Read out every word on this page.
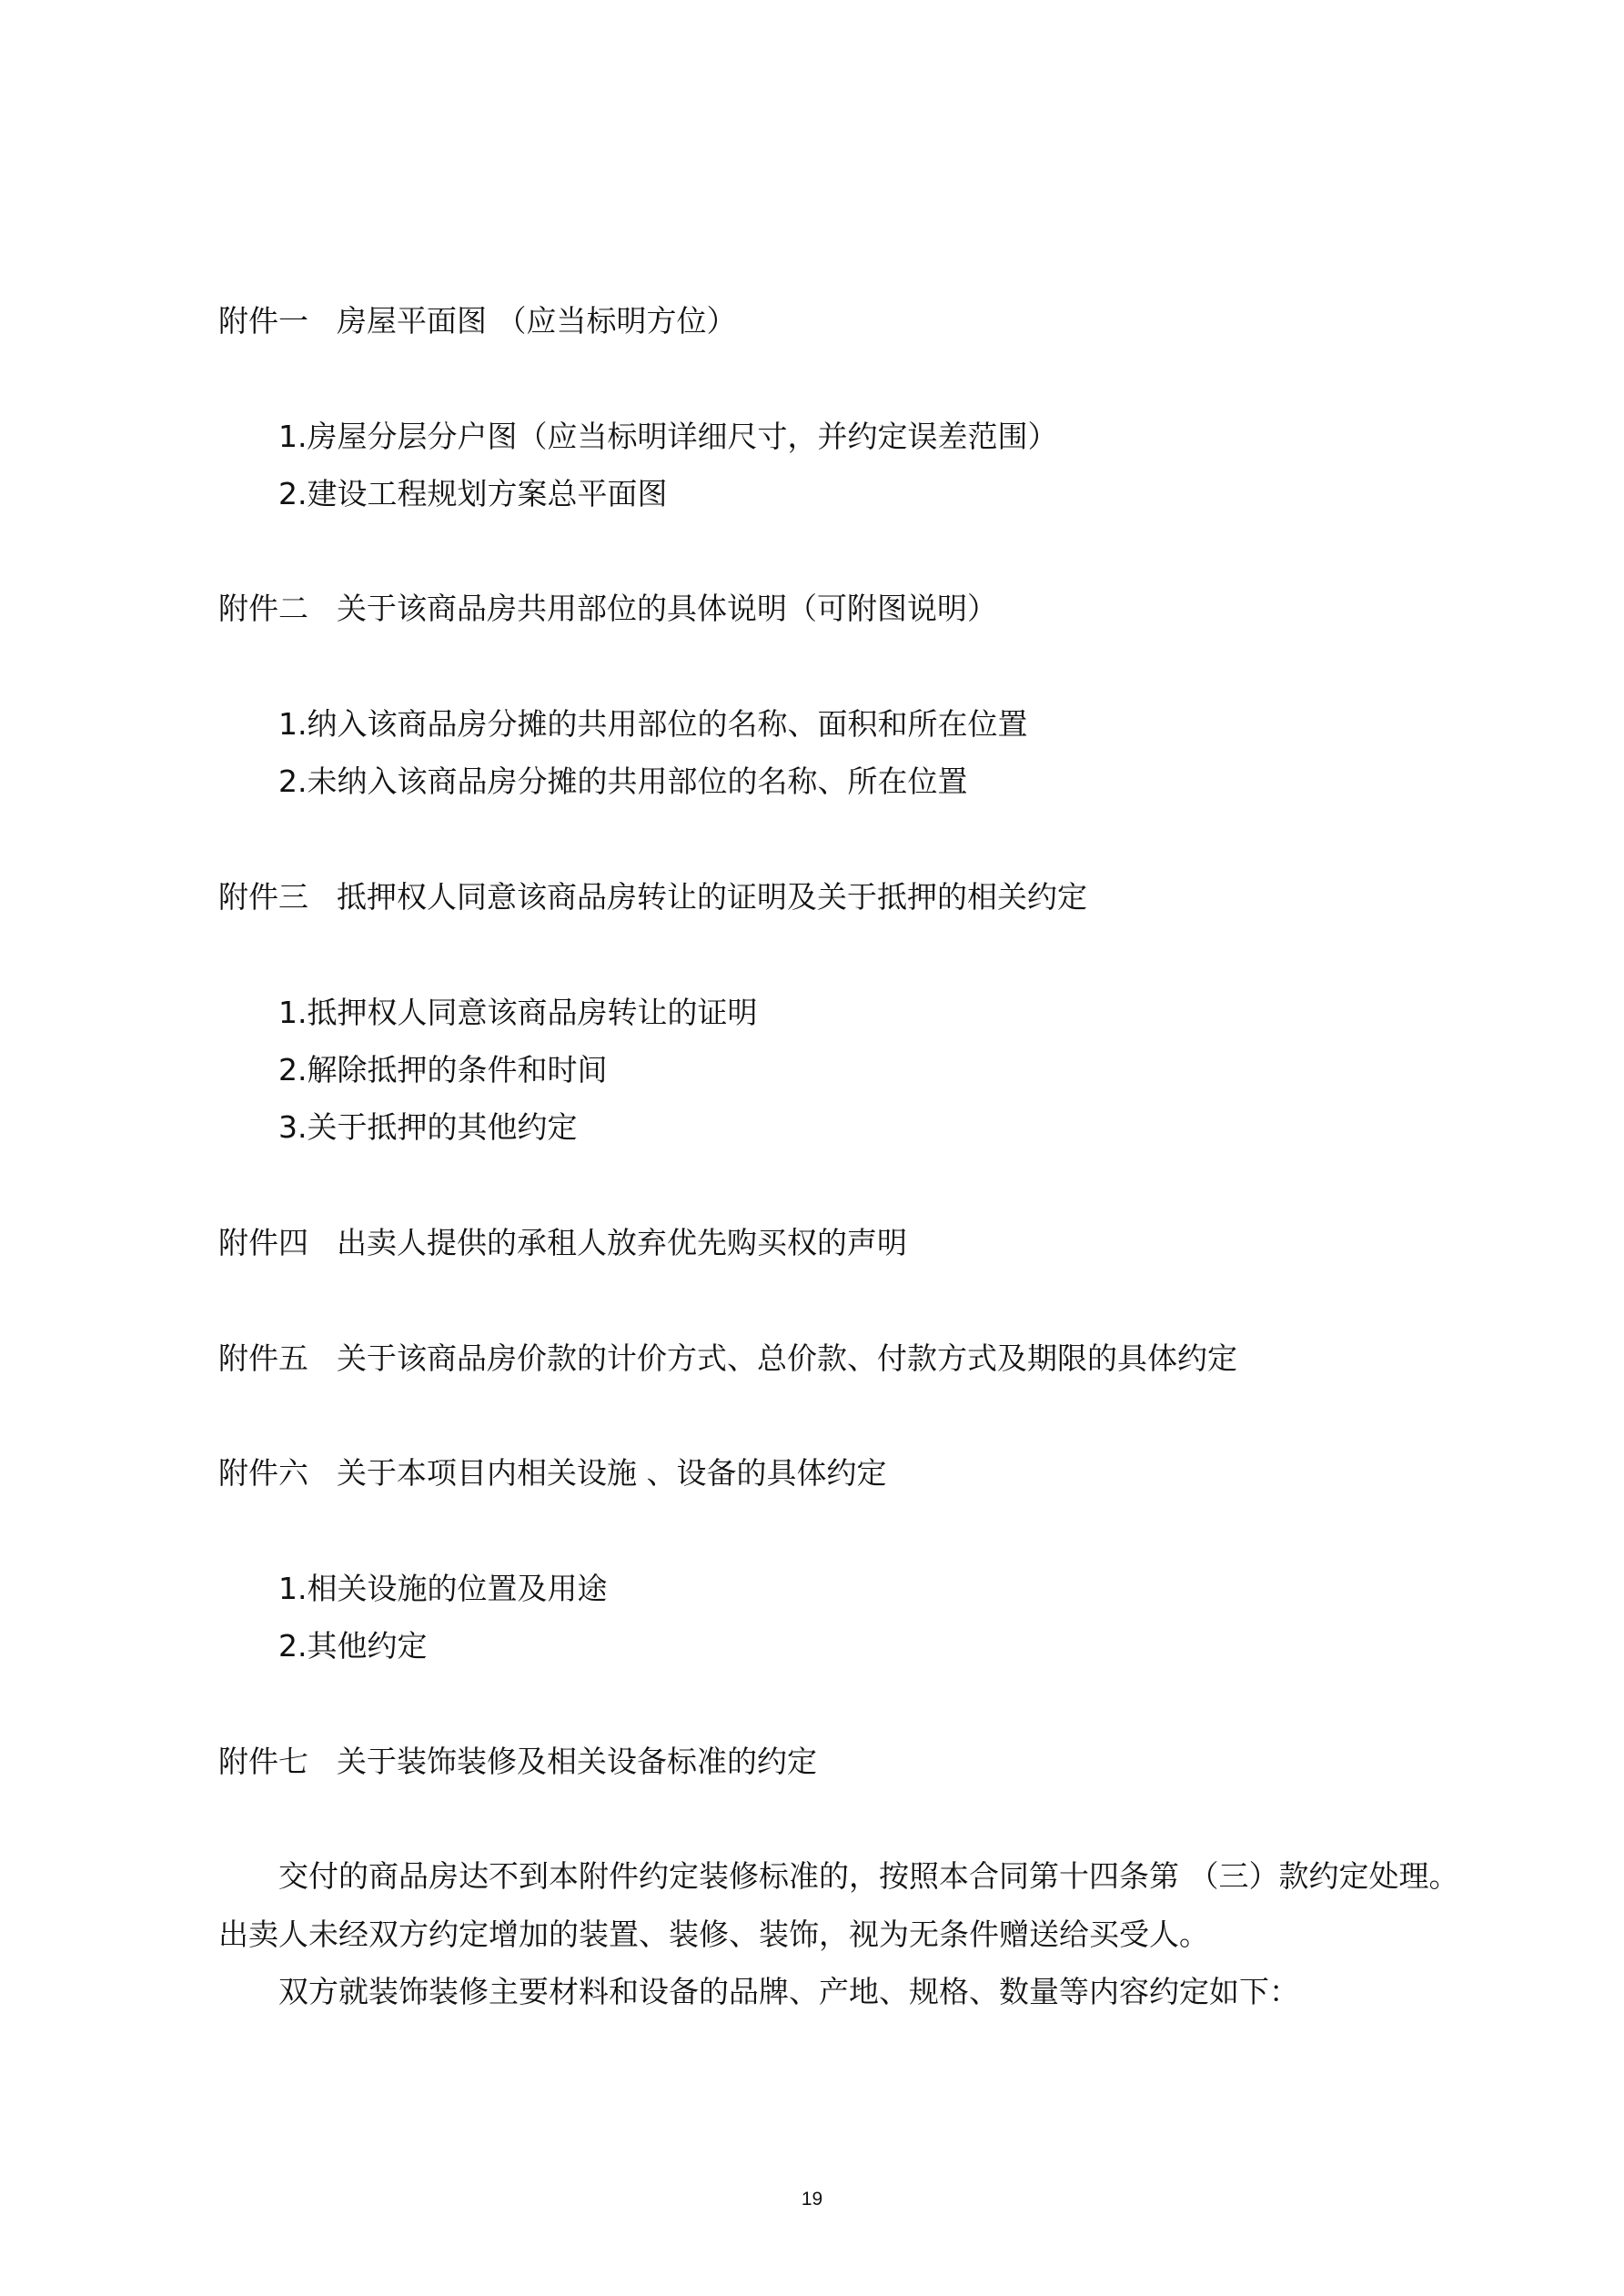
附件一 房屋平面图 （应当标明方位）
1.房屋分层分户图（应当标明详细尺寸，并约定误差范围）
2.建设工程规划方案总平面图
附件二 关于该商品房共用部位的具体说明（可附图说明）
1.纳入该商品房分摊的共用部位的名称、面积和所在位置
2.未纳入该商品房分摊的共用部位的名称、所在位置
附件三 抵押权人同意该商品房转让的证明及关于抵押的相关约定
1.抵押权人同意该商品房转让的证明
2.解除抵押的条件和时间
3.关于抵押的其他约定
附件四 出卖人提供的承租人放弃优先购买权的声明
附件五 关于该商品房价款的计价方式、总价款、付款方式及期限的具体约定
附件六 关于本项目内相关设施 、设备的具体约定
1.相关设施的位置及用途
2.其他约定
附件七 关于装饰装修及相关设备标准的约定
交付的商品房达不到本附件约定装修标准的，按照本合同第十四条第 （三）款约定处理。
出卖人未经双方约定增加的装置、装修、装饰，视为无条件赠送给买受人。
双方就装饰装修主要材料和设备的品牌、产地、规格、数量等内容约定如下：
19
